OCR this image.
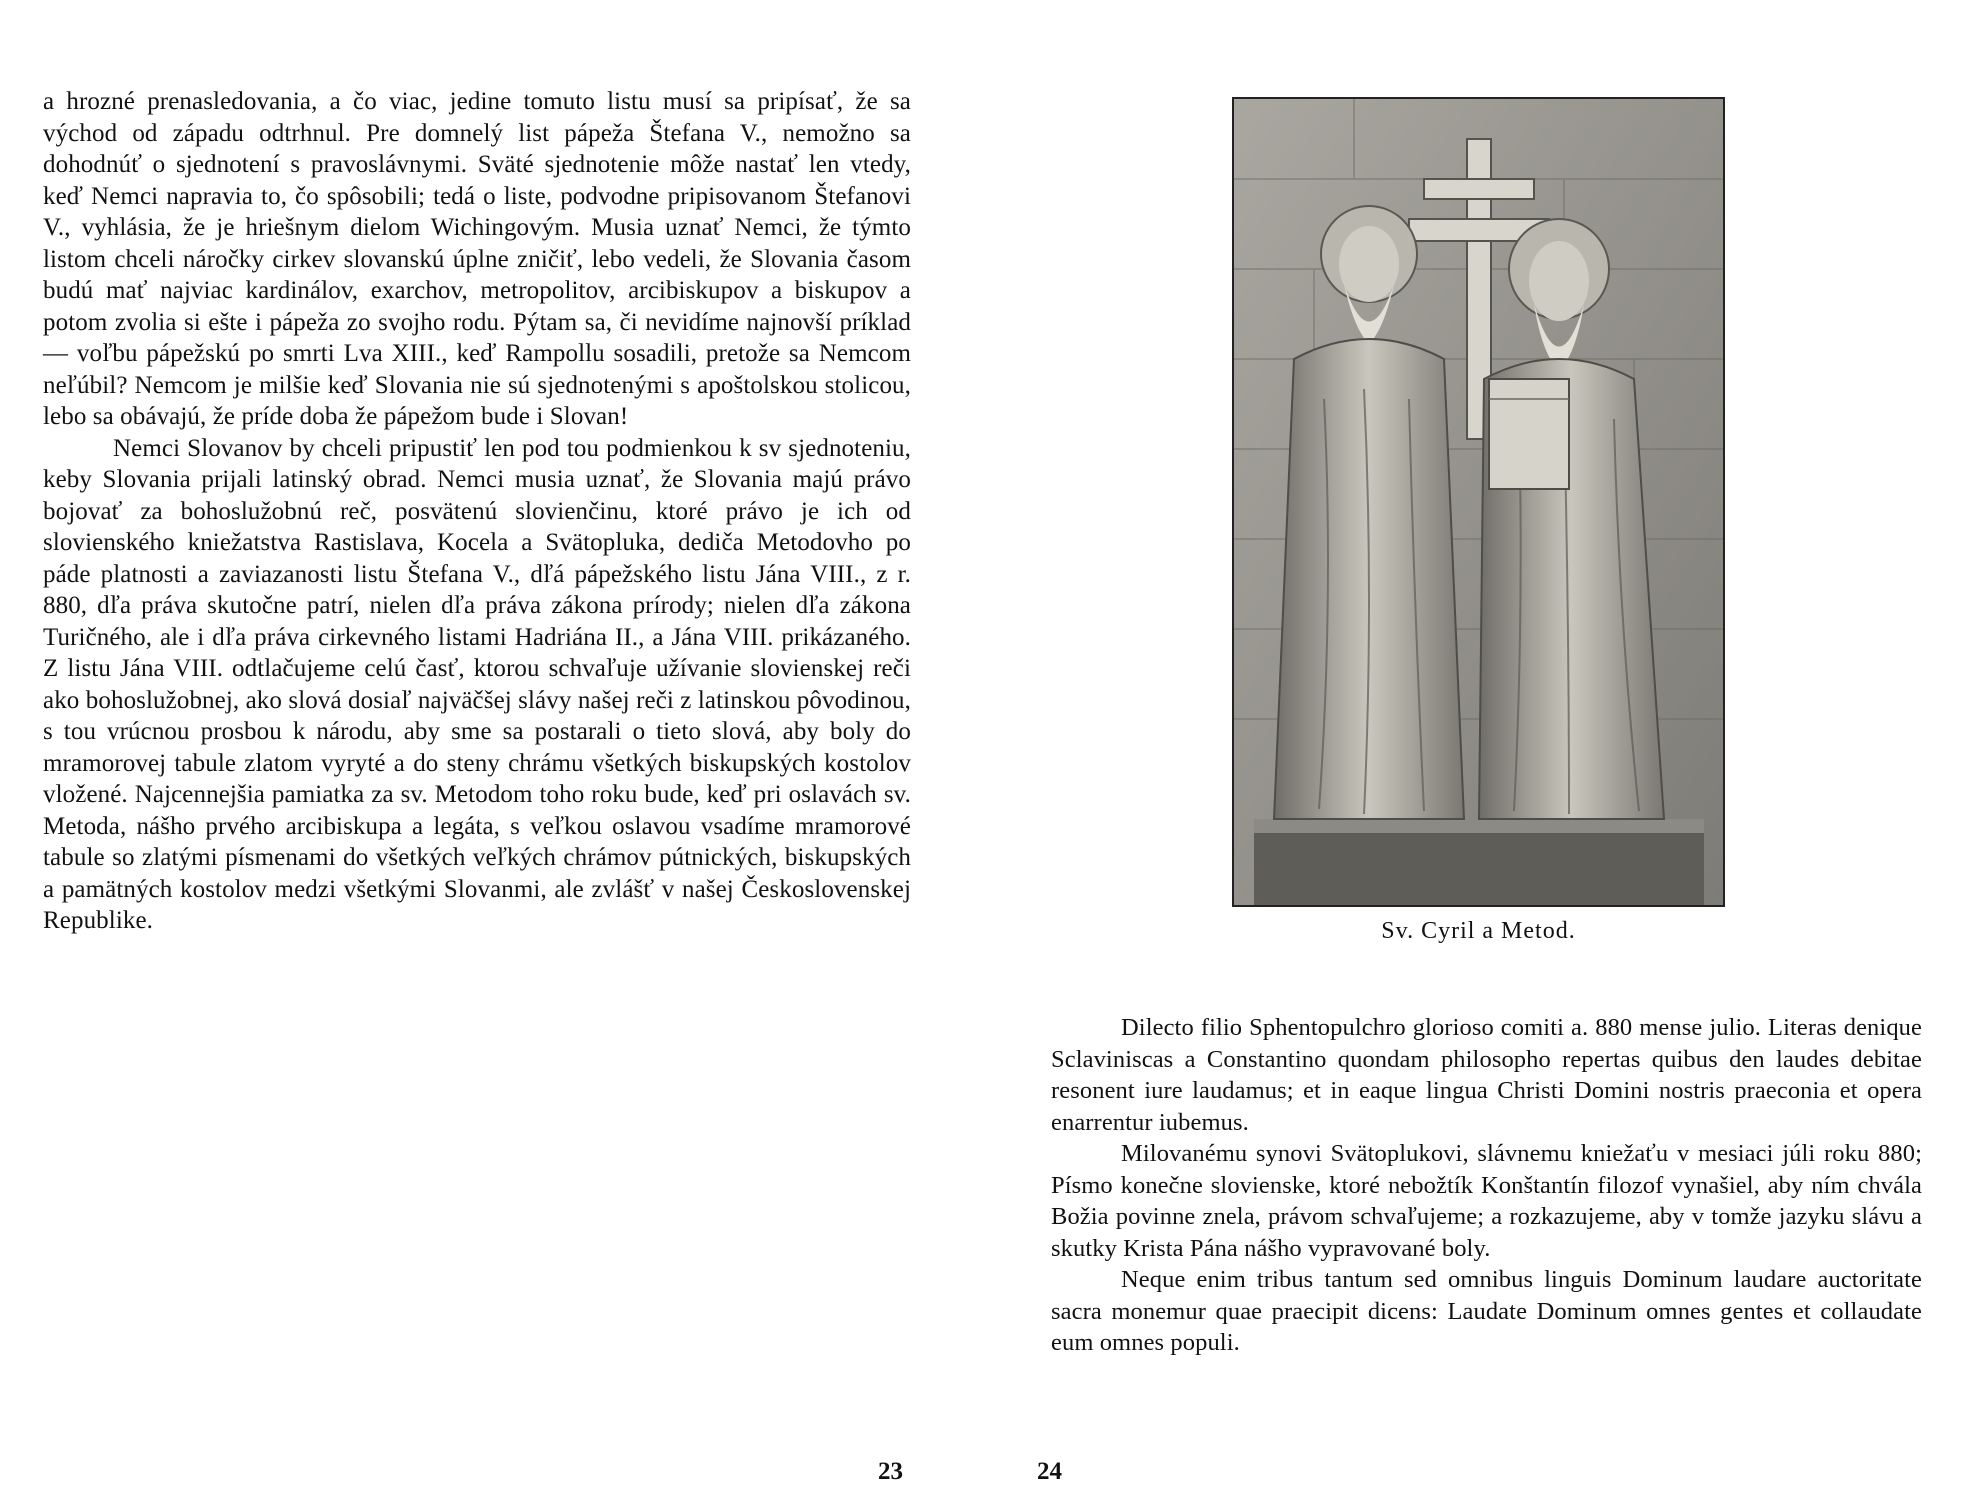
a hrozné prenasledovania, a čo viac, jedine tomuto listu musí sa pripísať, že sa východ od západu odtrhnul. Pre domnelý list pápeža Štefana V., nemožno sa dohodnúť o sjednotení s pravoslávnymi. Sväté sjednotenie môže nastať len vtedy, keď Nemci napravia to, čo spôsobili; tedá o liste, podvodne pripisovanom Štefanovi V., vyhlásia, že je hriešnym dielom Wichingovým. Musia uznať Nemci, že týmto listom chceli náročky cirkev slovanskú úplne zničiť, lebo vedeli, že Slovania časom budú mať najviac kardinálov, exarchov, metropolitov, arcibiskupov a biskupov a potom zvolia si ešte i pápeža zo svojho rodu. Pýtam sa, či nevidíme najnovší príklad — voľbu pápežskú po smrti Lva XIII., keď Rampollu sosadili, pretože sa Nemcom neľúbil? Nemcom je milšie keď Slovania nie sú sjednotenými s apoštolskou stolicou, lebo sa obávajú, že príde doba že pápežom bude i Slovan!

Nemci Slovanov by chceli pripustiť len pod tou podmienkou k sv sjednoteniu, keby Slovania prijali latinský obrad. Nemci musia uznať, že Slovania majú právo bojovať za bohoslužobnú reč, posvätenú slovienčinu, ktoré právo je ich od slovienského kniežatstva Rastislava, Kocela a Svätopluka, dedičа Metodovho po páde platnosti a zaviazanosti listu Štefana V., dľá pápežského listu Jána VIII., z r. 880, dľa práva skutočne patrí, nielen dľa práva zákona prírody; nielen dľa zákona Turičného, ale i dľa práva cirkevného listami Hadriána II., a Jána VIII. prikázaného. Z listu Jána VIII. odtlačujeme celú časť, ktorou schvaľuje užívanie slovienskej reči ako bohoslužobnej, ako slová dosiaľ najväčšej slávy našej reči z latinskou pôvodinou, s tou vrúcnou prosbou k národu, aby sme sa postarali o tieto slová, aby boly do mramorovej tabule zlatom vyryté a do steny chrámu všetkých biskupských kostolov vložené. Najcennejšia pamiatka za sv. Metodom toho roku bude, keď pri oslavách sv. Metoda, nášho prvého arcibiskupa a legáta, s veľkou oslavou vsadíme mramorové tabule so zlatými písmenami do všetkých veľkých chrámov pútnických, biskupských a pamätných kostolov medzi všetkými Slovanmi, ale zvlášť v našej Československej Republike.

23
Sv. Cyril a Metod.

Dilecto filio Sphentopulchro glorioso comiti a. 880 mense julio. Literas denique Sclaviniscas a Constantino quondam philosopho repertas quibus den laudes debitae resonent iure laudamus; et in eaque lingua Christi Domini nostris praeconia et opera enarrentur iubemus.

Milovanému synovi Svätoplukovi, slávnemu kniežaťu v mesiaci júli roku 880; Písmo konečne slovienske, ktoré nebožtík Konštantín filozof vynašiel, aby ním chvála Božia povinne znela, právom schvaľujeme; a rozkazujeme, aby v tomže jazyku slávu a skutky Krista Pána nášho vypravované boly.

Neque enim tribus tantum sed omnibus linguis Dominum laudare auctoritate sacra monemur quae praecipit dicens: Laudate Dominum omnes gentes et collaudate eum omnes populi.

24
